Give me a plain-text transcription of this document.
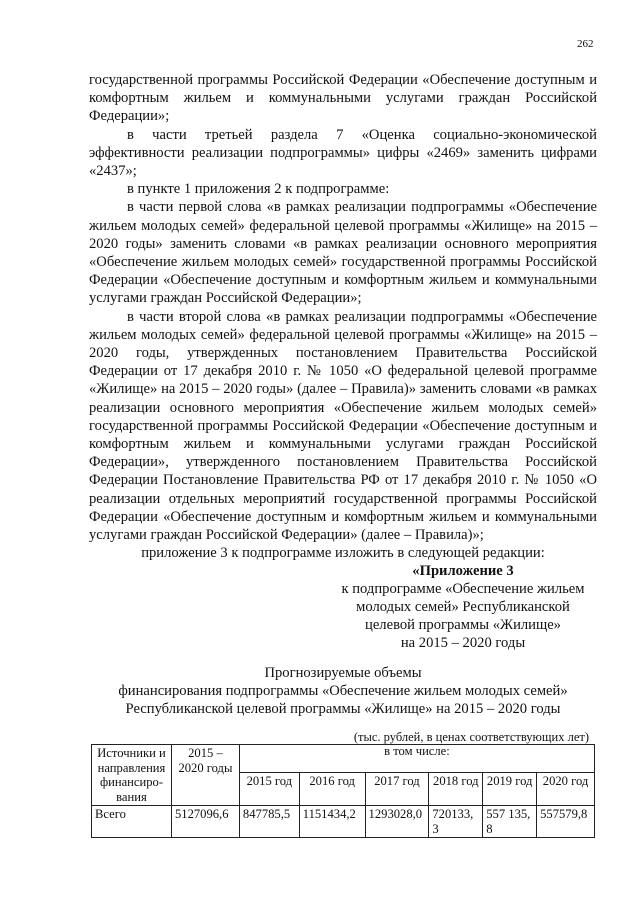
262

государственной программы Российской Федерации «Обеспечение доступным и комфортным жильем и коммунальными услугами граждан Российской Федерации»;

в части третьей раздела 7 «Оценка социально-экономической эффективности реализации подпрограммы» цифры «2469» заменить цифрами «2437»;

в пункте 1 приложения 2 к подпрограмме:

в части первой слова «в рамках реализации подпрограммы «Обеспечение жильем молодых семей» федеральной целевой программы «Жилище» на 2015 – 2020 годы» заменить словами «в рамках реализации основного мероприятия «Обеспечение жильем молодых семей» государственной программы Российской Федерации «Обеспечение доступным и комфортным жильем и коммунальными услугами граждан Российской Федерации»;

в части второй слова «в рамках реализации подпрограммы «Обеспечение жильем молодых семей» федеральной целевой программы «Жилище» на 2015 – 2020 годы, утвержденных постановлением Правительства Российской Федерации от 17 декабря 2010 г. № 1050 «О федеральной целевой программе «Жилище» на 2015 – 2020 годы» (далее – Правила)» заменить словами «в рамках реализации основного мероприятия «Обеспечение жильем молодых семей» государственной программы Российской Федерации «Обеспечение доступным и комфортным жильем и коммунальными услугами граждан Российской Федерации», утвержденного постановлением Правительства Российской Федерации Постановление Правительства РФ от 17 декабря 2010 г. № 1050 «О реализации отдельных мероприятий государственной программы Российской Федерации «Обеспечение доступным и комфортным жильем и коммунальными услугами граждан Российской Федерации» (далее – Правила)»;

приложение 3 к подпрограмме изложить в следующей редакции:

«Приложение 3
к подпрограмме «Обеспечение жильем
молодых семей» Республиканской
целевой программы «Жилище»
на 2015 – 2020 годы
Прогнозируемые объемы
финансирования подпрограммы «Обеспечение жильем молодых семей»
Республиканской целевой программы «Жилище» на 2015 – 2020 годы
(тыс. рублей, в ценах соответствующих лет)
Источники и направления финансиро-вания	2015 – 2020 годы	в том числе:					
		2015 год	2016 год	2017 год	2018 год	2019 год	2020 год
Всего	5127096,6	847785,5	1151434,2	1293028,0	720133,3	557 135,8	557579,8
